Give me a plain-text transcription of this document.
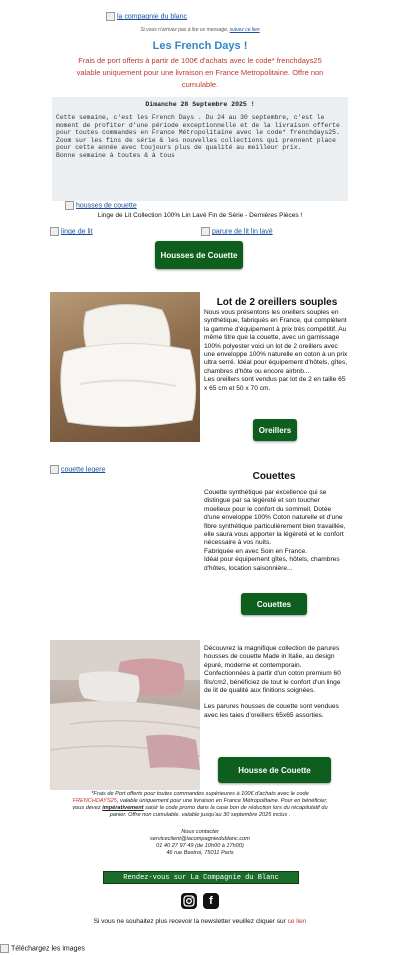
la compagnie du blanc
Si vous n'arrivez pas à lire ce message, suivez ce lien
Les French Days !
Frais de port offerts à partir de 100€ d'achats avec le code* frenchdays25
valable uniquement pour une livraison en France Metropolitaine. Offre non
cumulable.
Dimanche 28 Septembre 2025 !
Cette semaine, c'est les French Days . Du 24 au 30 septembre, c'est le moment de profiter d'une période exceptionnelle et de la livraison offerte pour toutes commandes en France Métropolitaine avec le code* frenchdays25. Zoom sur les fins de série & les nouvelles collections qui prennent place pour cette année avec toujours plus de qualité au meilleur prix.
Bonne semaine à toutes & à tous
housses de couette
Linge de Lit Collection 100% Lin Lavé Fin de Série - Dernières Pièces !
linge de lit	parure de lit lin lavé
Housses de Couette
Lot de 2 oreillers souples
Nous vous présentons les oreillers souples en synthétique, fabriqués en France, qui complètent la gamme d'équipement à prix très compétitif. Au même titre que la couette, avec un garnissage 100% polyester voici un lot de 2 oreillers avec une enveloppe 100% naturelle en coton à un prix ultra serré. Idéal pour équipement d'hôtels, gîtes, chambres d'hôte ou encore airbnb...
Les oreillers sont vendus par lot de 2 en taille 65 x 65 cm et 50 x 70 cm.
Oreillers
couette legere
Couettes
Couette synthétique par excellence qui se distingue par sa légèreté et son toucher moelleux pour le confort du sommeil. Dotée d'une enveloppe 100% Coton naturelle et d'une fibre synthétique particulièrement bien travaillée, elle saura vous apporter la légèreté et le confort nécessaire à vos nuits.
Fabriquée en avec Soin en France.
Idéal pour équipement gîtes, hôtels, chambres d'hôtes, location saisonnière...
Couettes
Découvrez la magnifique collection de parures housses de couette Made in Italie, au design épuré, moderne et contemporain. Confectionnées à partir d'un coton premium 60 fils/cm2, bénéficiez de tout le confort d'un linge de lit de qualité aux finitions soignées.
Les parures housses de couette sont vendues avec les taies d'oreillers 65x65 assorties.
Housse de Couette
*Frais de Port offerts pour toutes commandes supérieures à 100€ d'achats avec le code
FRENCHDAYS25, valable uniquement pour une livraison en France Métropolitaine. Pour en bénéficier,
vous devez impérativement saisir le code promo dans la case bon de réduction lors du récapitulatif du
panier. Offre non cumulable. valable jusqu'au 30 septembre 2025 inclus .
Nous contacter
serviceclient@lacompagniedublanc.com
01 40 27 97 49 (de 10h00 à 17h00)
46 rue Bastroi, 75011 Paris
Rendez-vous sur La Compagnie du Blanc
f
Si vous ne souhaitez plus recevoir la newsletter veuillez cliquer sur ce lien
Téléchargez les images
